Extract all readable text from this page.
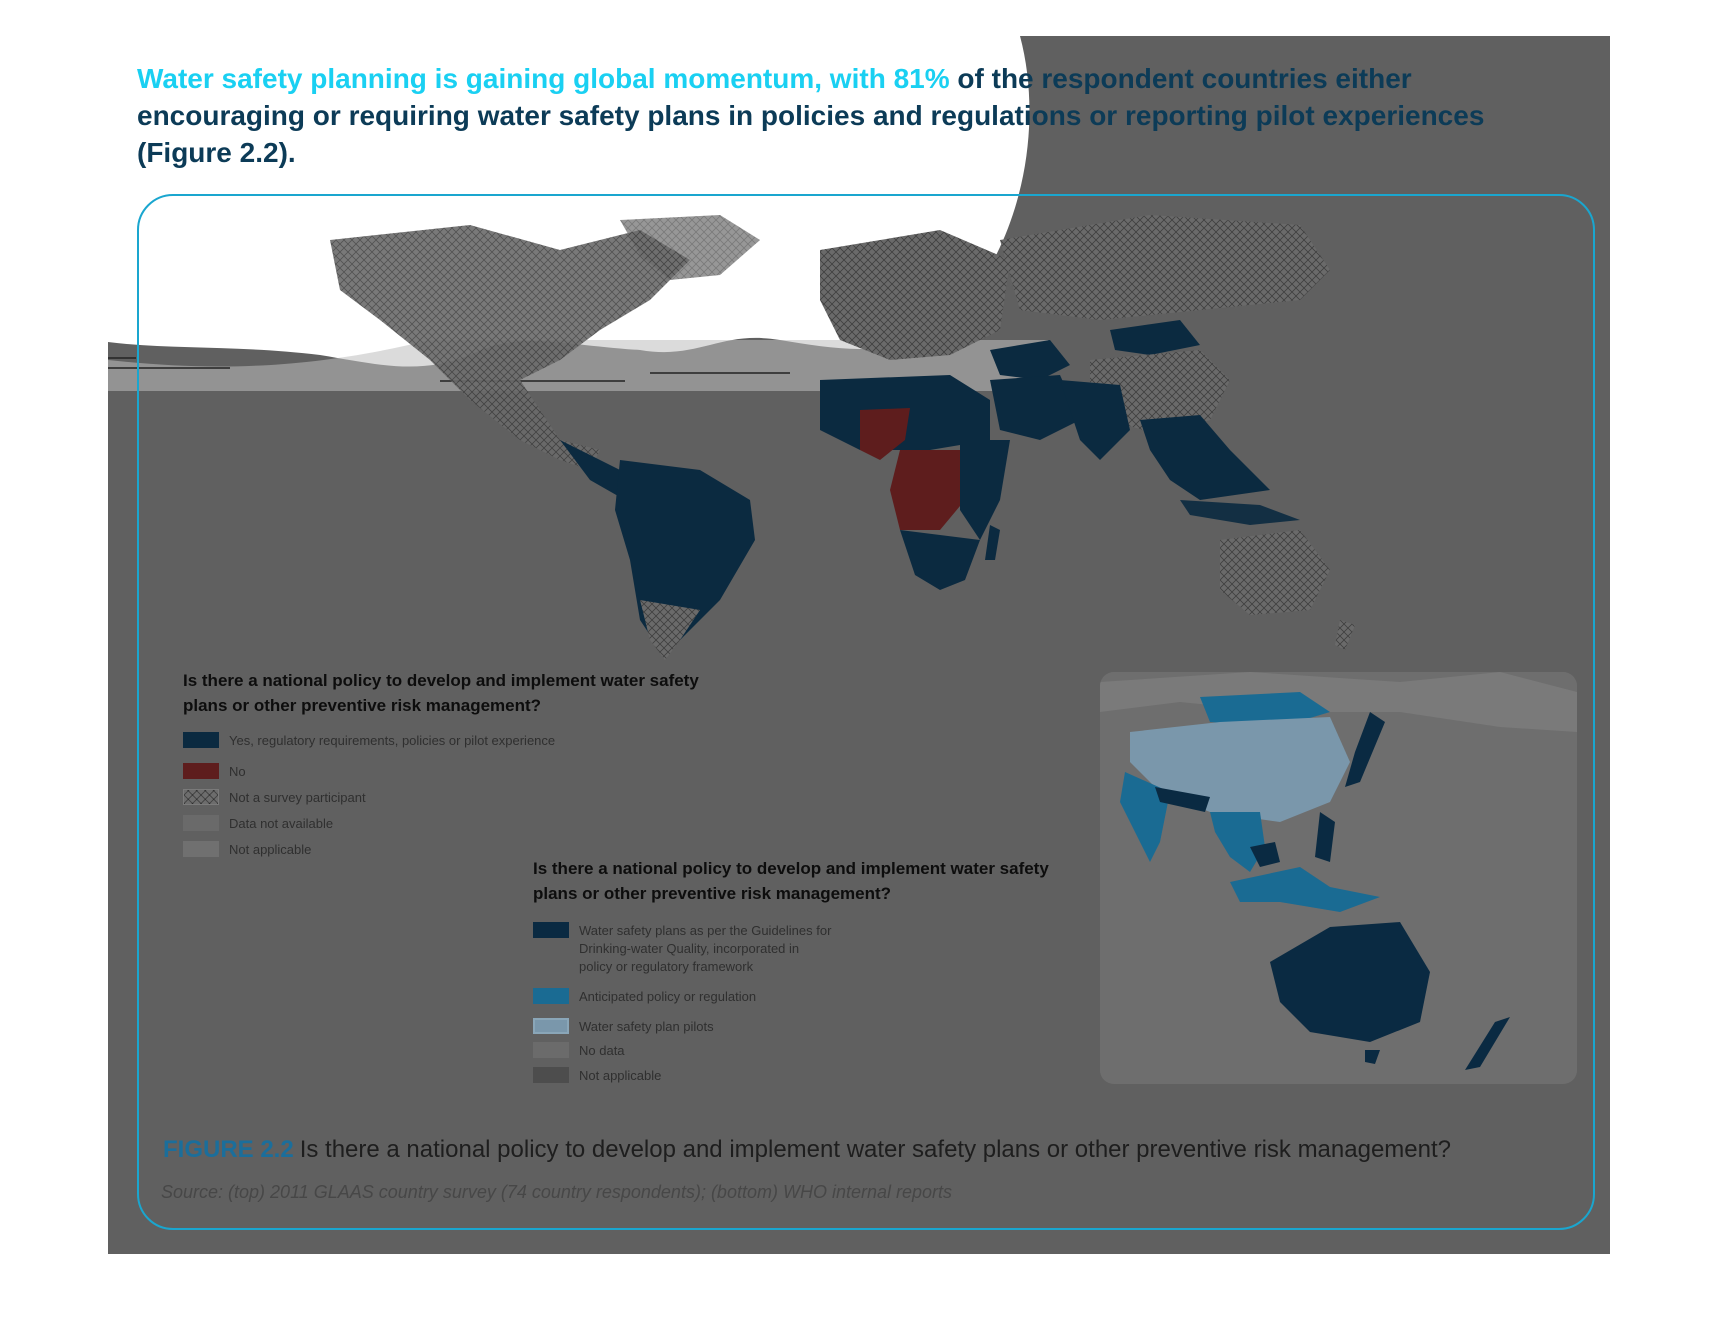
Is there a national policy to develop and implement water safety plans or other preventive risk management?

Yes, regulatory requirements, policies or pilot experience
No
Not a survey participant
Data not available
Not applicable

Is there a national policy to develop and implement water safety plans or other preventive risk management?

Water safety plans as per the Guidelines for
Drinking-water Quality, incorporated in
policy or regulatory framework
Anticipated policy or regulation
Water safety plan pilots
No data
Not applicable

Water safety planning is gaining global momentum, with 81% of the respondent countries either encouraging or requiring water safety plans in policies and regulations or reporting pilot experiences (Figure 2.2).

FIGURE 2.2 Is there a national policy to develop and implement water safety plans or other preventive risk management?

Source: (top) 2011 GLAAS country survey (74 country respondents); (bottom) WHO internal reports
